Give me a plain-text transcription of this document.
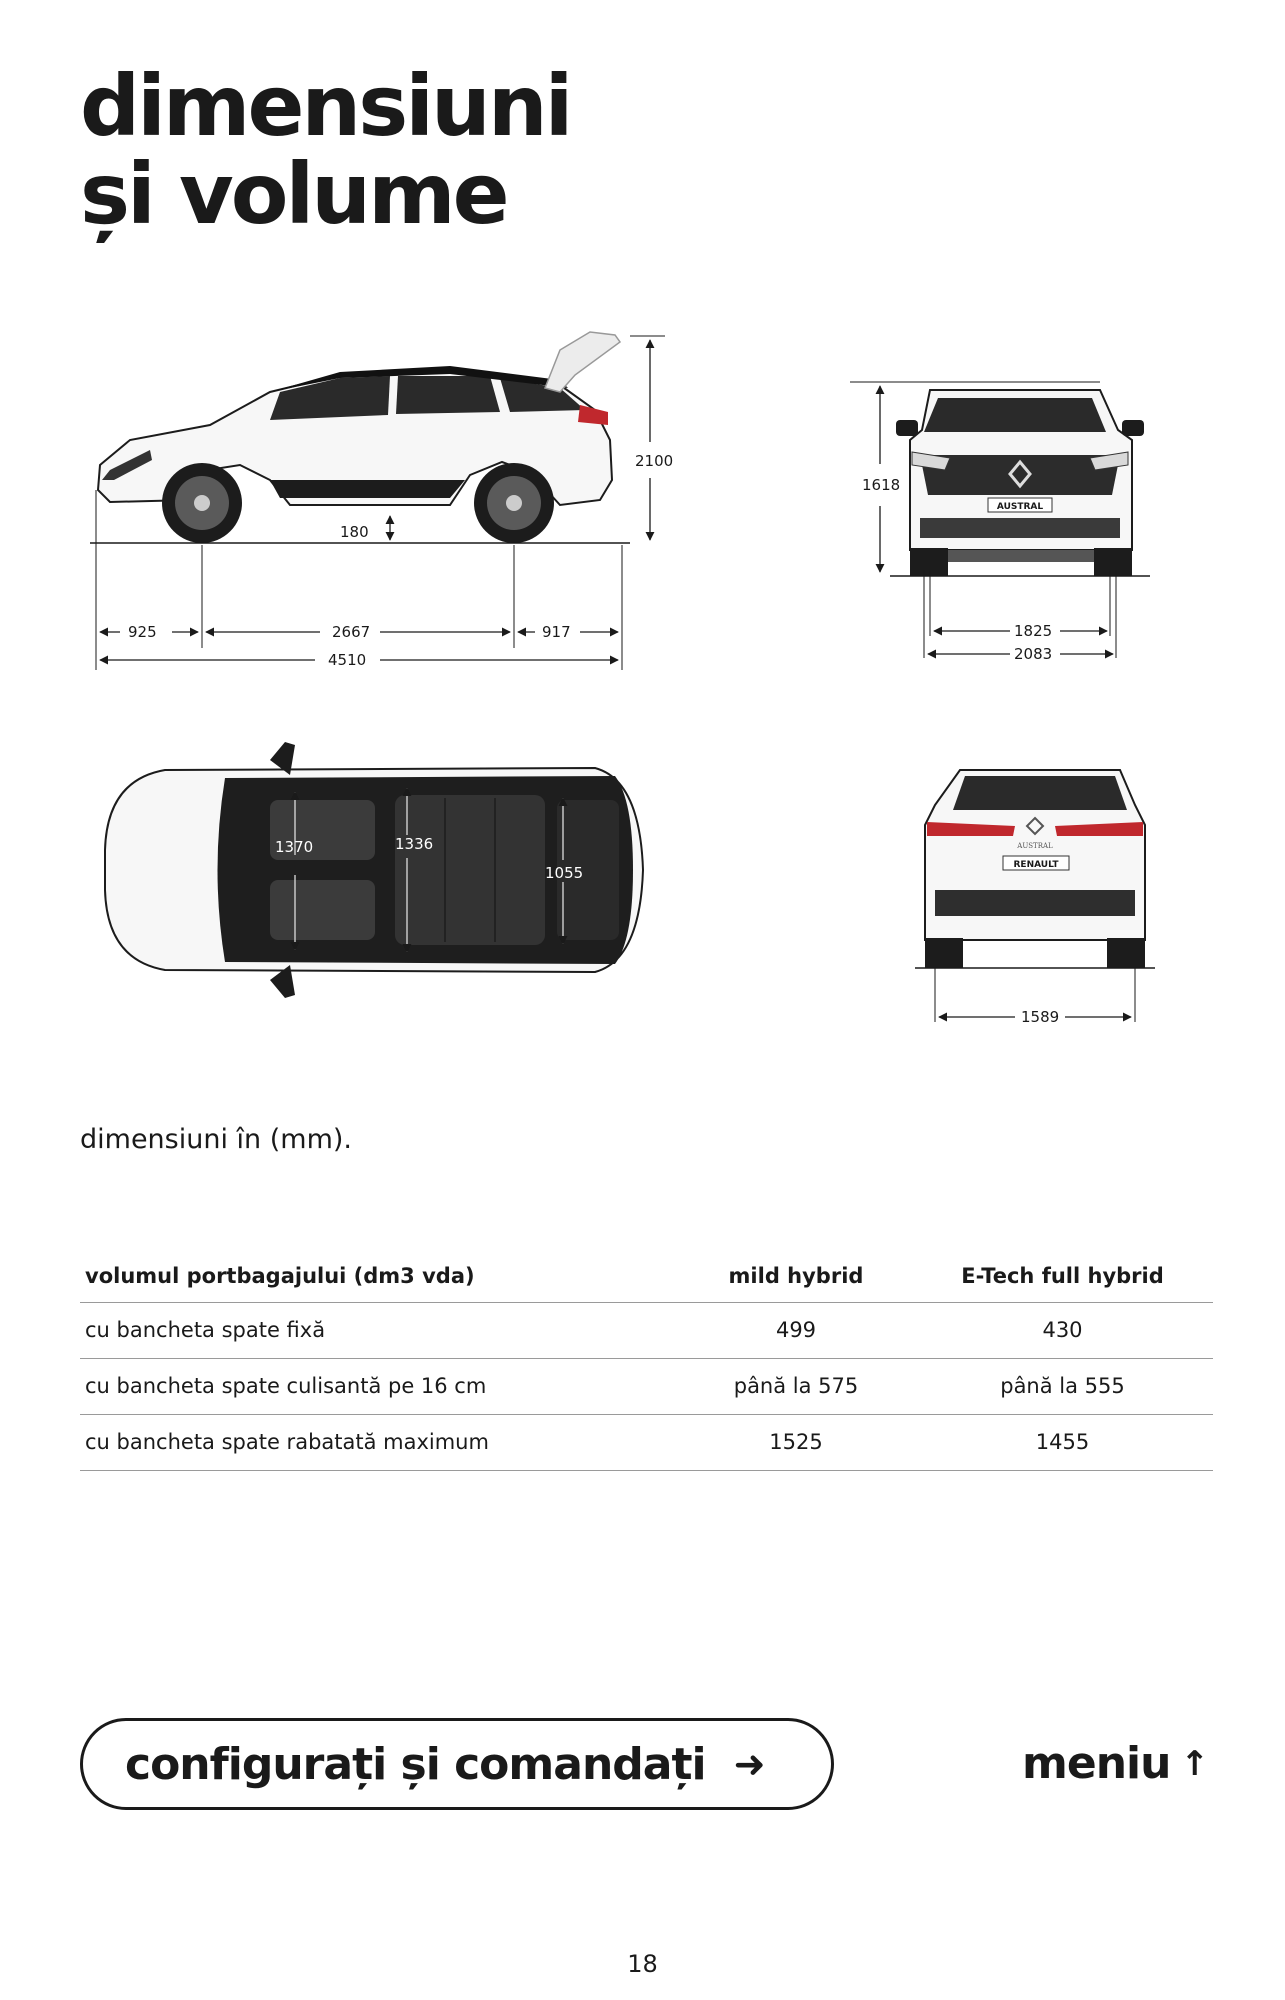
dimensiuni
și volume
2100
180
925	2667	917
4510
AUSTRAL
1618
1825
2083
1370	1336
1055
AUSTRAL
RENAULT
1589
dimensiuni în (mm).
volumul portbagajului (dm3 vda)	mild hybrid	E-Tech full hybrid
cu bancheta spate fixă	499	430
cu bancheta spate culisantă pe 16 cm	până la 575	până la 555
cu bancheta spate rabatată maximum	1525	1455
configurați și comandați ➜	meniu ↑
18
